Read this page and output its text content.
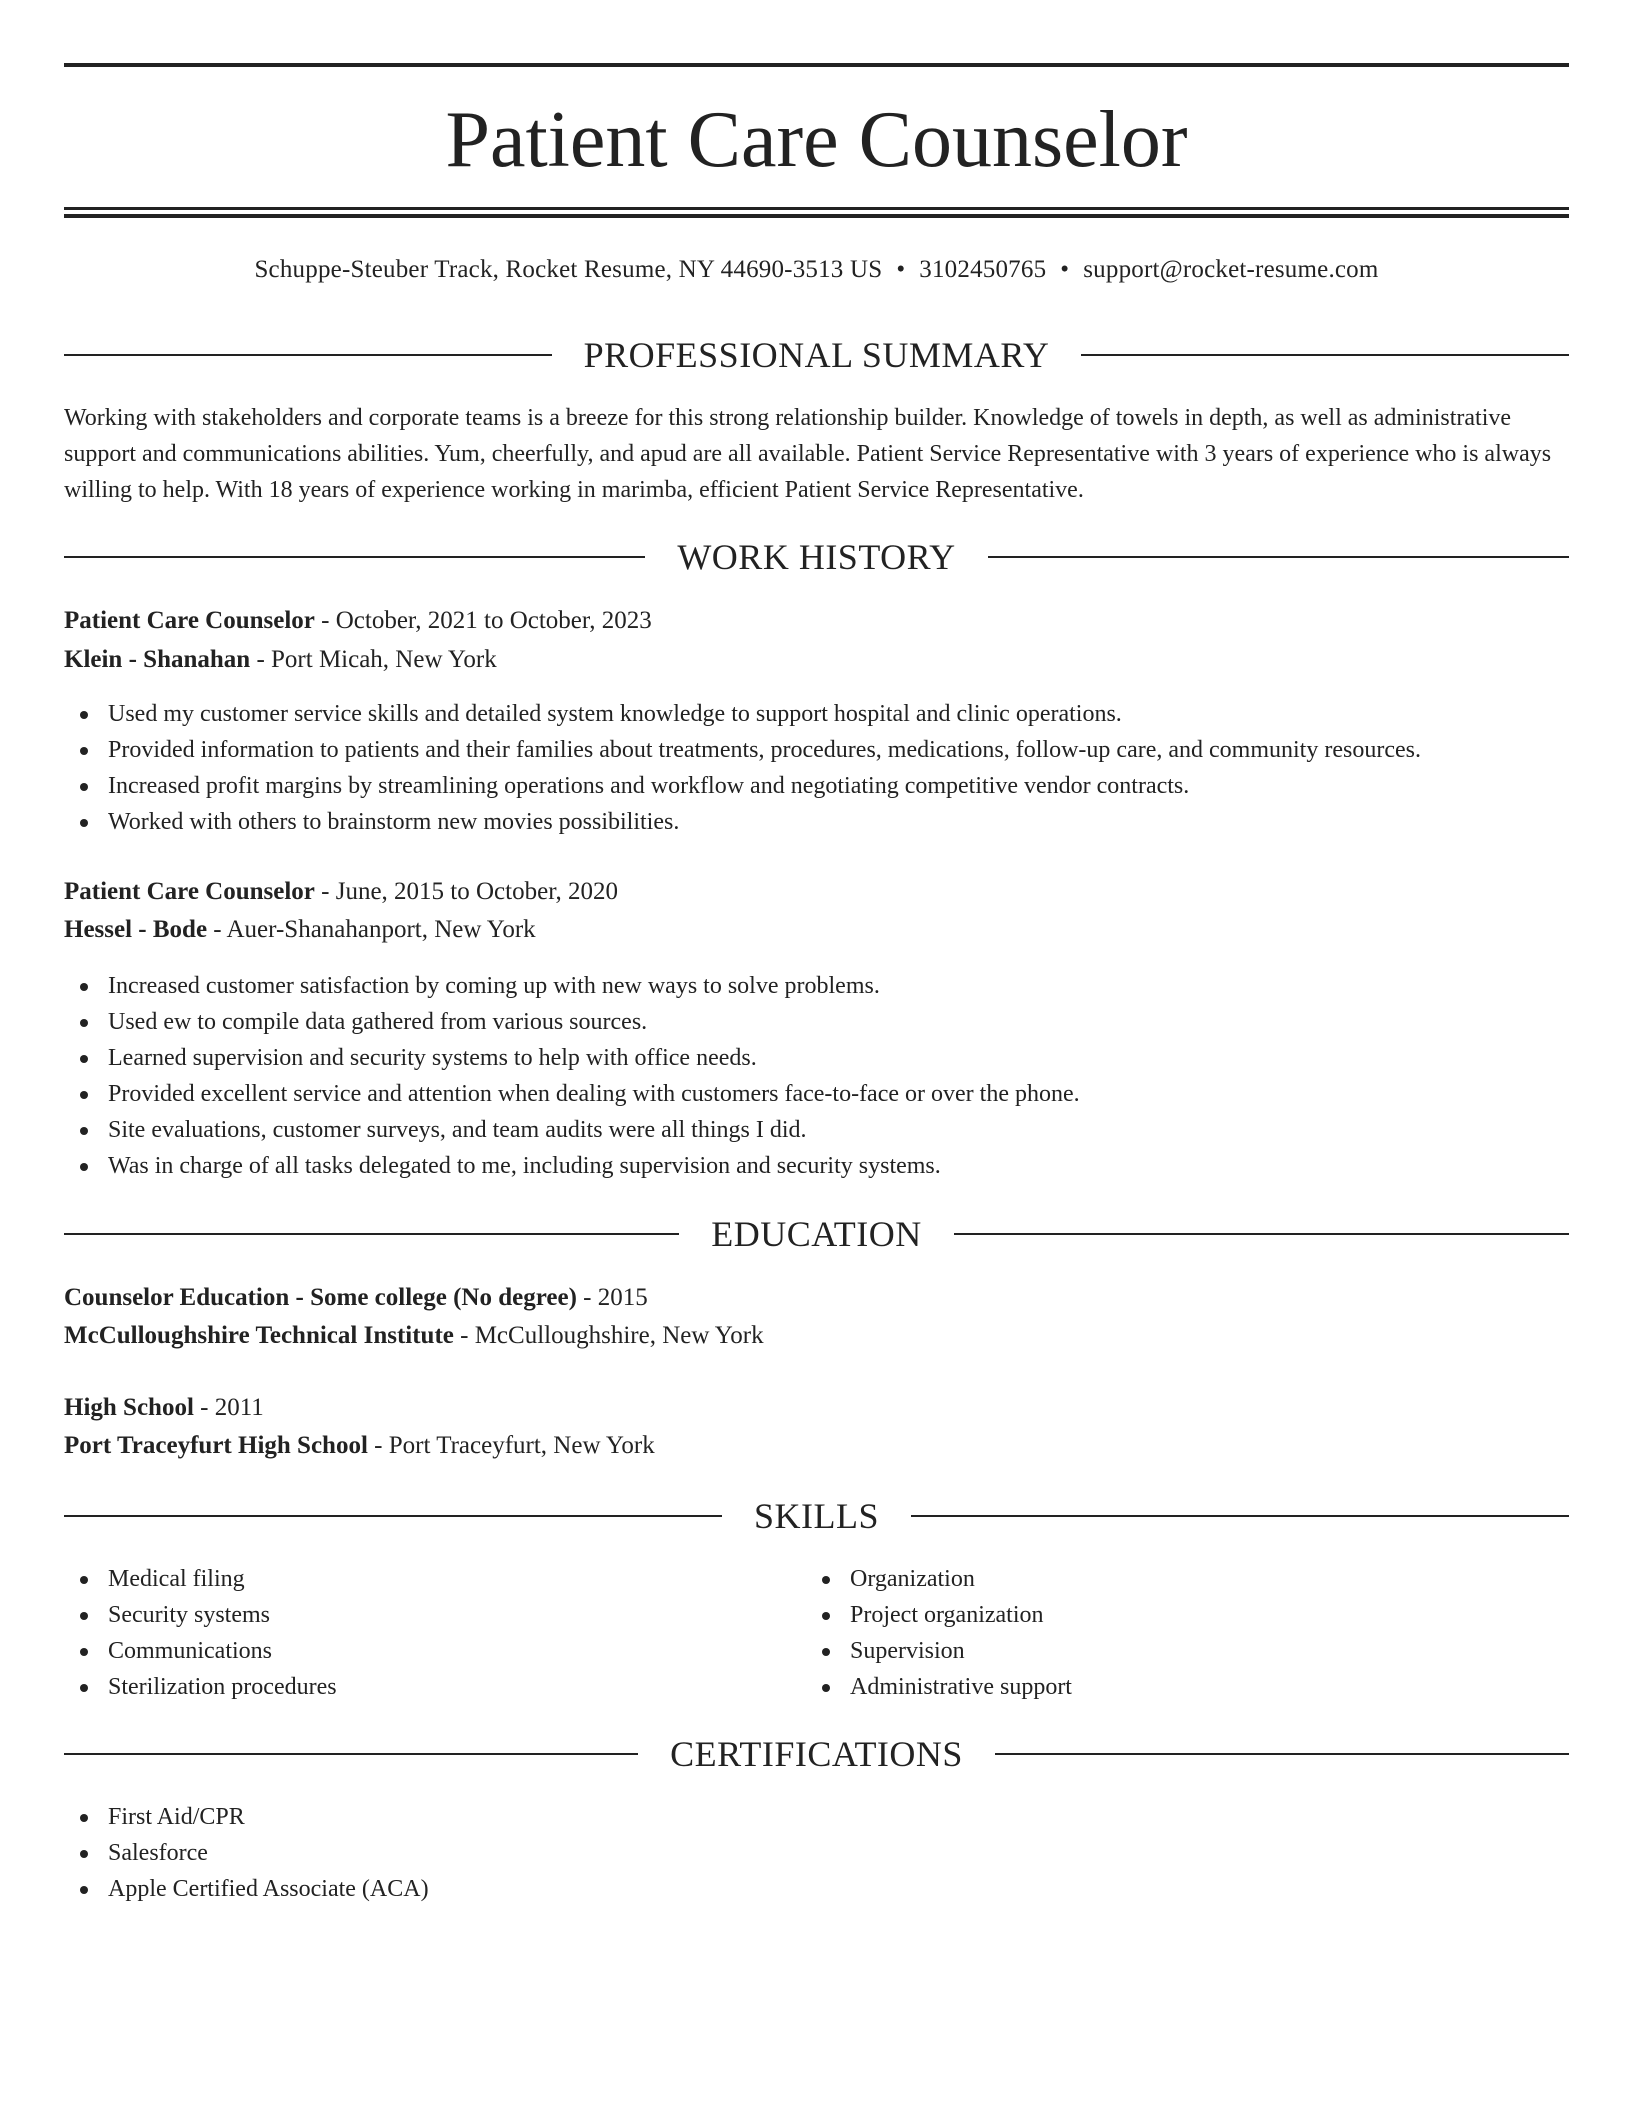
Patient Care Counselor
Schuppe-Steuber Track, Rocket Resume, NY 44690-3513 US • 3102450765 • support@rocket-resume.com
PROFESSIONAL SUMMARY

Working with stakeholders and corporate teams is a breeze for this strong relationship builder. Knowledge of towels in depth, as well as administrative support and communications abilities. Yum, cheerfully, and apud are all available. Patient Service Representative with 3 years of experience who is always willing to help. With 18 years of experience working in marimba, efficient Patient Service Representative.

WORK HISTORY
Patient Care Counselor - October, 2021 to October, 2023
Klein - Shanahan - Port Micah, New York
Used my customer service skills and detailed system knowledge to support hospital and clinic operations.
Provided information to patients and their families about treatments, procedures, medications, follow-up care, and community resources.
Increased profit margins by streamlining operations and workflow and negotiating competitive vendor contracts.
Worked with others to brainstorm new movies possibilities.
Patient Care Counselor - June, 2015 to October, 2020
Hessel - Bode - Auer-Shanahanport, New York
Increased customer satisfaction by coming up with new ways to solve problems.
Used ew to compile data gathered from various sources.
Learned supervision and security systems to help with office needs.
Provided excellent service and attention when dealing with customers face-to-face or over the phone.
Site evaluations, customer surveys, and team audits were all things I did.
Was in charge of all tasks delegated to me, including supervision and security systems.
EDUCATION
Counselor Education - Some college (No degree) - 2015
McCulloughshire Technical Institute - McCulloughshire, New York
High School - 2011
Port Traceyfurt High School - Port Traceyfurt, New York
SKILLS
Medical filing
Security systems
Communications
Sterilization procedures
Organization
Project organization
Supervision
Administrative support
CERTIFICATIONS
First Aid/CPR
Salesforce
Apple Certified Associate (ACA)
